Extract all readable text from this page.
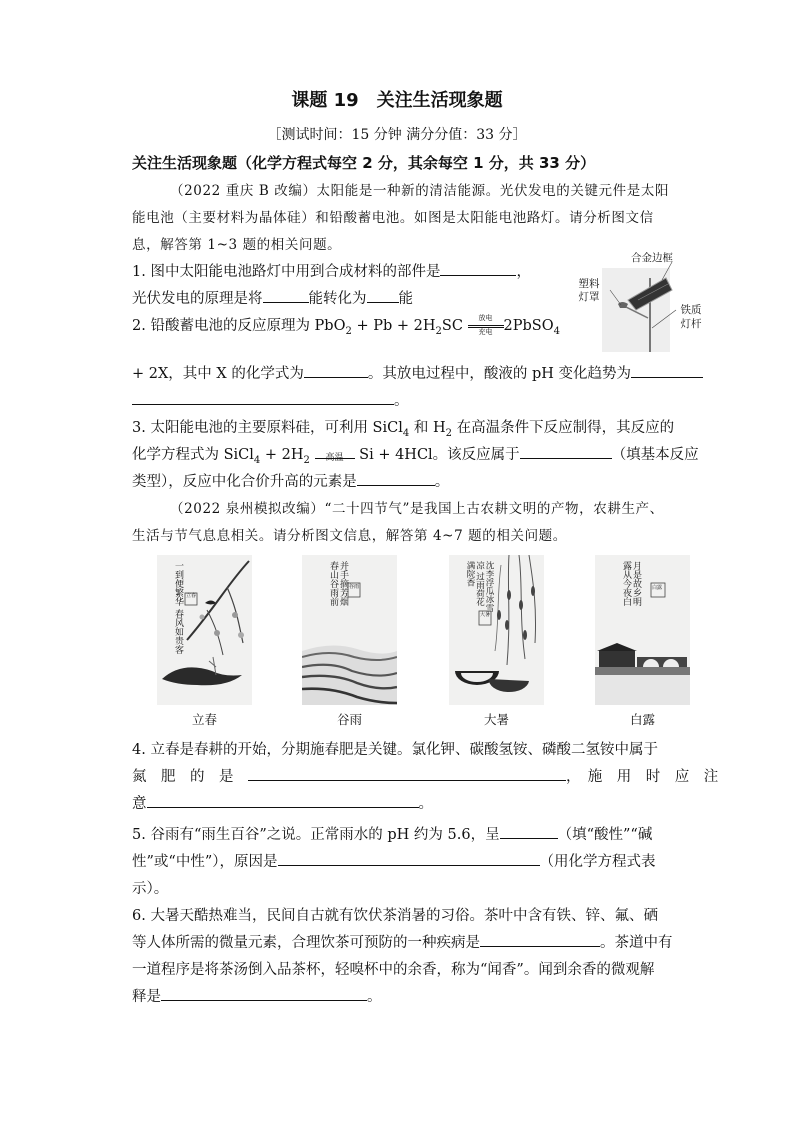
课题 19　关注生活现象题
［测试时间：15 分钟 满分分值：33 分］
关注生活现象题（化学方程式每空 2 分，其余每空 1 分，共 33 分）
（2022 重庆 B 改编）太阳能是一种新的清洁能源。光伏发电的关键元件是太阳
能电池（主要材料为晶体硅）和铅酸蓄电池。如图是太阳能电池路灯。请分析图文信
息，解答第 1~3 题的相关问题。
合金边框
塑料
灯罩
铁质
灯杆
1. 图中太阳能电池路灯中用到合成材料的部件是	，
光伏发电的原理是将	能转化为 能
2. 铅酸蓄电池的反应原理为 $PbO_2 + Pb + 2H_2SC$	放电
充电 2PbSO$_4$
+ 2X，其中 X 的化学式为	。其放电过程中，酸液的 pH 变化趋势为
。
3. 太阳能电池的主要原料硅，可利用 SiCl$_4$ 和 $H_2$ 在高温条件下反应制得，其反应的
化学方程式为 SiCl$_4$ + $2H_2$	高温 Si + 4HCl。该反应属于	（填基本反应
类型），反应中化合价升高的元素是	。
（2022 泉州模拟改编）“二十四节气”是我国上古农耕文明的产物，农耕生产、
生活与节气息息相关。请分析图文信息，解答第 4~7 题的相关问题。
一到便繁华 春风如贵客 立春
立春
并手摘芳烟 春山谷雨前	谷雨
谷雨
沈李浮瓜冰雪凉 过雨荷花满院香
大暑
大暑
月是故乡明 露从今夜白	白露
白露
4. 立春是春耕的开始，分期施春肥是关键。氯化钾、碳酸氢铵、磷酸二氢铵中属于
氮　肥　的　是　	，　施　用　时　应　注
意	。
5. 谷雨有“雨生百谷”之说。正常雨水的 pH 约为 5.6，呈	（填“酸性”“碱
性”或“中性”），原因是	（用化学方程式表
示）。
6. 大暑天酷热难当，民间自古就有饮伏茶消暑的习俗。茶叶中含有铁、锌、氟、硒
等人体所需的微量元素，合理饮茶可预防的一种疾病是	。茶道中有
一道程序是将茶汤倒入品茶杯，轻嗅杯中的余香，称为“闻香”。闻到余香的微观解
释是	。
